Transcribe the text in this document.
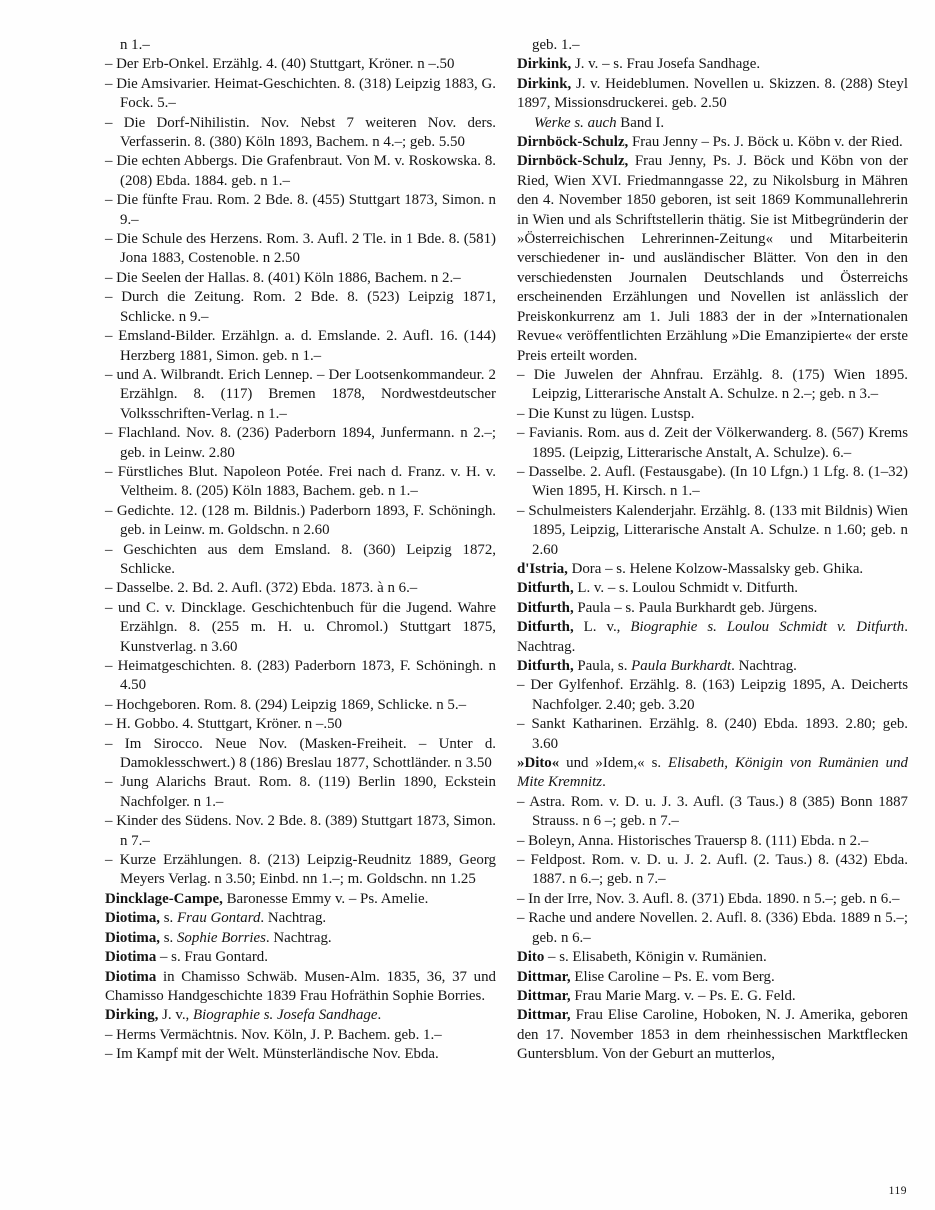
n 1.–

– Der Erb-Onkel. Erzählg. 4. (40) Stuttgart, Kröner. n –.50

– Die Amsivarier. Heimat-Geschichten. 8. (318) Leipzig 1883, G. Fock. 5.–

– Die Dorf-Nihilistin. Nov. Nebst 7 weiteren Nov. ders. Verfasserin. 8. (380) Köln 1893, Bachem. n 4.–; geb. 5.50

– Die echten Abbergs. Die Grafenbraut. Von M. v. Roskowska. 8. (208) Ebda. 1884. geb. n 1.–

– Die fünfte Frau. Rom. 2 Bde. 8. (455) Stuttgart 1873, Simon. n 9.–

– Die Schule des Herzens. Rom. 3. Aufl. 2 Tle. in 1 Bde. 8. (581) Jona 1883, Costenoble. n 2.50

– Die Seelen der Hallas. 8. (401) Köln 1886, Bachem. n 2.–

– Durch die Zeitung. Rom. 2 Bde. 8. (523) Leipzig 1871, Schlicke. n 9.–

– Emsland-Bilder. Erzählgn. a. d. Emslande. 2. Aufl. 16. (144) Herzberg 1881, Simon. geb. n 1.–

– und A. Wilbrandt. Erich Lennep. – Der Lootsenkommandeur. 2 Erzählgn. 8. (117) Bremen 1878, Nordwestdeutscher Volksschriften-Verlag. n 1.–

– Flachland. Nov. 8. (236) Paderborn 1894, Junfermann. n 2.–; geb. in Leinw. 2.80

– Fürstliches Blut. Napoleon Potée. Frei nach d. Franz. v. H. v. Veltheim. 8. (205) Köln 1883, Bachem. geb. n 1.–

– Gedichte. 12. (128 m. Bildnis.) Paderborn 1893, F. Schöningh. geb. in Leinw. m. Goldschn. n 2.60

– Geschichten aus dem Emsland. 8. (360) Leipzig 1872, Schlicke.

– Dasselbe. 2. Bd. 2. Aufl. (372) Ebda. 1873. à n 6.–

– und C. v. Dincklage. Geschichtenbuch für die Jugend. Wahre Erzählgn. 8. (255 m. H. u. Chromol.) Stuttgart 1875, Kunstverlag. n 3.60

– Heimatgeschichten. 8. (283) Paderborn 1873, F. Schöningh. n 4.50

– Hochgeboren. Rom. 8. (294) Leipzig 1869, Schlicke. n 5.–

– H. Gobbo. 4. Stuttgart, Kröner. n –.50

– Im Sirocco. Neue Nov. (Masken-Freiheit. – Unter d. Damoklesschwert.) 8 (186) Breslau 1877, Schottländer. n 3.50

– Jung Alarichs Braut. Rom. 8. (119) Berlin 1890, Eckstein Nachfolger. n 1.–

– Kinder des Südens. Nov. 2 Bde. 8. (389) Stuttgart 1873, Simon. n 7.–

– Kurze Erzählungen. 8. (213) Leipzig-Reudnitz 1889, Georg Meyers Verlag. n 3.50; Einbd. nn 1.–; m. Goldschn. nn 1.25

Dincklage-Campe, Baronesse Emmy v. – Ps. Amelie.

Diotima, s. Frau Gontard. Nachtrag.

Diotima, s. Sophie Borries. Nachtrag.

Diotima – s. Frau Gontard.

Diotima in Chamisso Schwäb. Musen-Alm. 1835, 36, 37 und Chamisso Handgeschichte 1839 Frau Hofräthin Sophie Borries.

Dirking, J. v., Biographie s. Josefa Sandhage.

– Herms Vermächtnis. Nov. Köln, J. P. Bachem. geb. 1.–

– Im Kampf mit der Welt. Münsterländische Nov. Ebda.

geb. 1.–

Dirkink, J. v. – s. Frau Josefa Sandhage.

Dirkink, J. v. Heideblumen. Novellen u. Skizzen. 8. (288) Steyl 1897, Missionsdruckerei. geb. 2.50

Werke s. auch Band I.

Dirnböck-Schulz, Frau Jenny – Ps. J. Böck u. Köbn v. der Ried.

Dirnböck-Schulz, Frau Jenny, Ps. J. Böck und Köbn von der Ried, Wien XVI. Friedmanngasse 22, zu Nikolsburg in Mähren den 4. November 1850 geboren, ist seit 1869 Kommunallehrerin in Wien und als Schriftstellerin thätig. Sie ist Mitbegründerin der »Österreichischen Lehrerinnen-Zeitung« und Mitarbeiterin verschiedener in- und ausländischer Blätter. Von den in den verschiedensten Journalen Deutschlands und Österreichs erscheinenden Erzählungen und Novellen ist anlässlich der Preiskonkurrenz am 1. Juli 1883 der in der »Internationalen Revue« veröffentlichten Erzählung »Die Emanzipierte« der erste Preis erteilt worden.

– Die Juwelen der Ahnfrau. Erzählg. 8. (175) Wien 1895. Leipzig, Litterarische Anstalt A. Schulze. n 2.–; geb. n 3.–

– Die Kunst zu lügen. Lustsp.

– Favianis. Rom. aus d. Zeit der Völkerwanderg. 8. (567) Krems 1895. (Leipzig, Litterarische Anstalt, A. Schulze). 6.–

– Dasselbe. 2. Aufl. (Festausgabe). (In 10 Lfgn.) 1 Lfg. 8. (1–32) Wien 1895, H. Kirsch. n 1.–

– Schulmeisters Kalenderjahr. Erzählg. 8. (133 mit Bildnis) Wien 1895, Leipzig, Litterarische Anstalt A. Schulze. n 1.60; geb. n 2.60

d'Istria, Dora – s. Helene Kolzow-Massalsky geb. Ghika.

Ditfurth, L. v. – s. Loulou Schmidt v. Ditfurth.

Ditfurth, Paula – s. Paula Burkhardt geb. Jürgens.

Ditfurth, L. v., Biographie s. Loulou Schmidt v. Ditfurth. Nachtrag.

Ditfurth, Paula, s. Paula Burkhardt. Nachtrag.

– Der Gylfenhof. Erzählg. 8. (163) Leipzig 1895, A. Deicherts Nachfolger. 2.40; geb. 3.20

– Sankt Katharinen. Erzählg. 8. (240) Ebda. 1893. 2.80; geb. 3.60

»Dito« und »Idem,« s. Elisabeth, Königin von Rumänien und Mite Kremnitz.

– Astra. Rom. v. D. u. J. 3. Aufl. (3 Taus.) 8 (385) Bonn 1887 Strauss. n 6 –; geb. n 7.–

– Boleyn, Anna. Historisches Trauersp 8. (111) Ebda. n 2.–

– Feldpost. Rom. v. D. u. J. 2. Aufl. (2. Taus.) 8. (432) Ebda. 1887. n 6.–; geb. n 7.–

– In der Irre, Nov. 3. Aufl. 8. (371) Ebda. 1890. n 5.–; geb. n 6.–

– Rache und andere Novellen. 2. Aufl. 8. (336) Ebda. 1889 n 5.–; geb. n 6.–

Dito – s. Elisabeth, Königin v. Rumänien.

Dittmar, Elise Caroline – Ps. E. vom Berg.

Dittmar, Frau Marie Marg. v. – Ps. E. G. Feld.

Dittmar, Frau Elise Caroline, Hoboken, N. J. Amerika, geboren den 17. November 1853 in dem rheinhessischen Marktflecken Guntersblum. Von der Geburt an mutterlos,

119
